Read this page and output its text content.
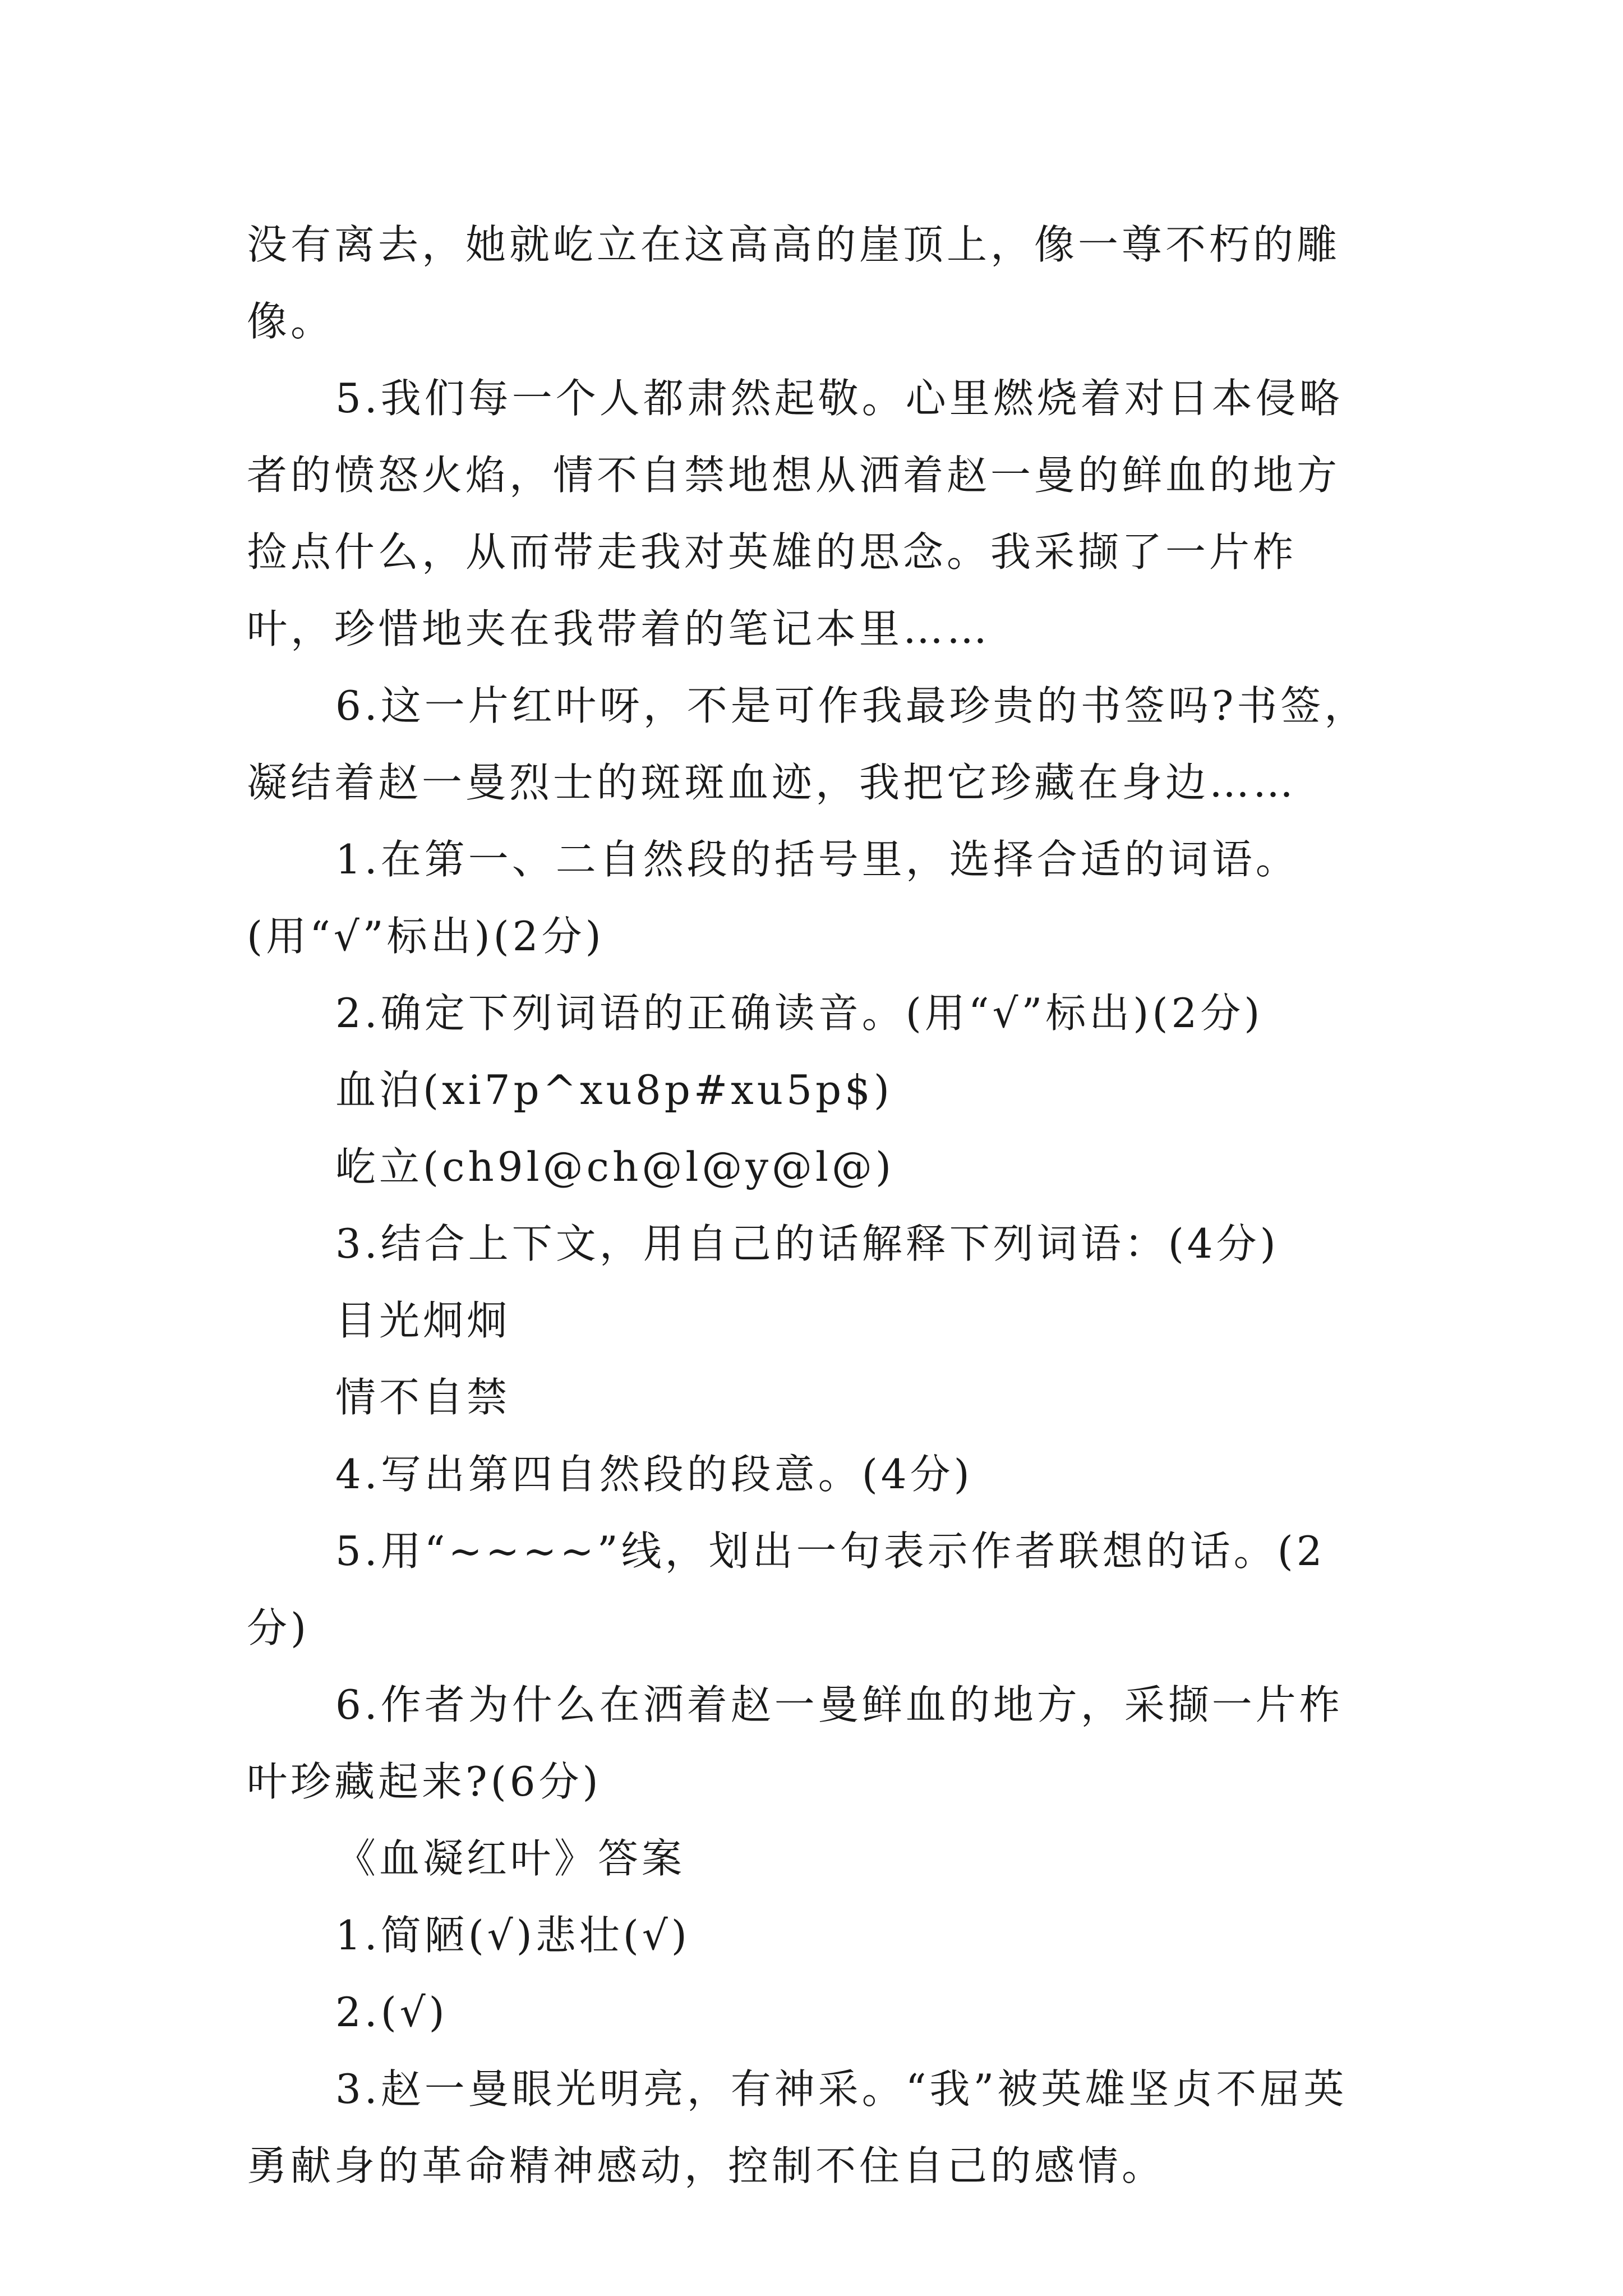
没有离去，她就屹立在这高高的崖顶上，像一尊不朽的雕像。

5.我们每一个人都肃然起敬。心里燃烧着对日本侵略者的愤怒火焰，情不自禁地想从洒着赵一曼的鲜血的地方捡点什么，从而带走我对英雄的思念。我采撷了一片柞叶，珍惜地夹在我带着的笔记本里……

6.这一片红叶呀，不是可作我最珍贵的书签吗?书签，凝结着赵一曼烈士的斑斑血迹，我把它珍藏在身边……

1.在第一、二自然段的括号里，选择合适的词语。(用“√”标出)(2分)

2.确定下列词语的正确读音。(用“√”标出)(2分)

血泊(xi7p^xu8p#xu5p$)

屹立(ch9l@ch@l@y@l@)

3.结合上下文，用自己的话解释下列词语：(4分)

目光炯炯

情不自禁

4.写出第四自然段的段意。(4分)

5.用“~~~~”线，划出一句表示作者联想的话。(2分)

6.作者为什么在洒着赵一曼鲜血的地方，采撷一片柞叶珍藏起来?(6分)

《血凝红叶》答案

1.简陋(√)悲壮(√)

2.(√)

3.赵一曼眼光明亮，有神采。“我”被英雄坚贞不屈英勇献身的革命精神感动，控制不住自己的感情。
